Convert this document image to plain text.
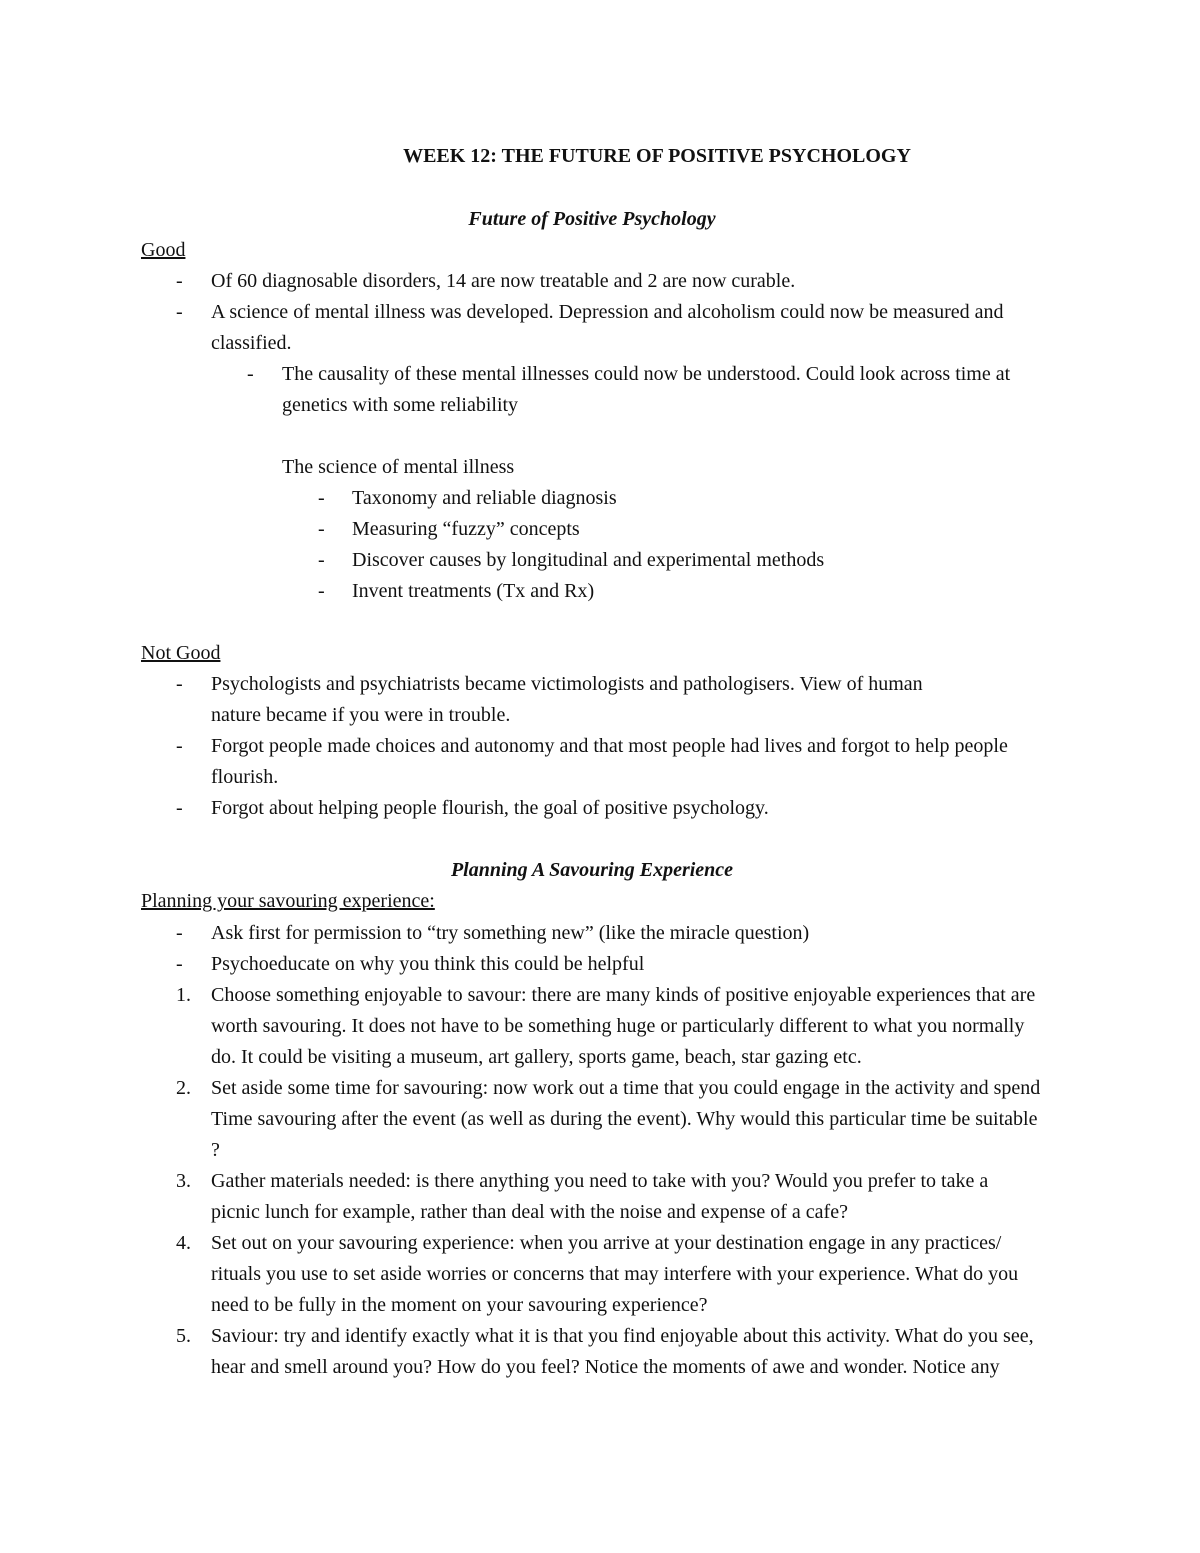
WEEK 12: THE FUTURE OF POSITIVE PSYCHOLOGY
Future of Positive Psychology
Good
- Of 60 diagnosable disorders, 14 are now treatable and 2 are now curable.
- A science of mental illness was developed. Depression and alcoholism could now be measured and
classified.
- The causality of these mental illnesses could now be understood. Could look across time at
genetics with some reliability
The science of mental illness
- Taxonomy and reliable diagnosis
- Measuring “fuzzy” concepts
- Discover causes by longitudinal and experimental methods
- Invent treatments (Tx and Rx)
Not Good
- Psychologists and psychiatrists became victimologists and pathologisers. View of human
nature became if you were in trouble.
- Forgot people made choices and autonomy and that most people had lives and forgot to help people
flourish.
- Forgot about helping people flourish, the goal of positive psychology.
Planning A Savouring Experience
Planning your savouring experience:
- Ask first for permission to “try something new” (like the miracle question)
- Psychoeducate on why you think this could be helpful
1. Choose something enjoyable to savour: there are many kinds of positive enjoyable experiences that are
worth savouring. It does not have to be something huge or particularly different to what you normally
do. It could be visiting a museum, art gallery, sports game, beach, star gazing etc.
2. Set aside some time for savouring: now work out a time that you could engage in the activity and spend
Time savouring after the event (as well as during the event). Why would this particular time be suitable
?
3. Gather materials needed: is there anything you need to take with you? Would you prefer to take a
picnic lunch for example, rather than deal with the noise and expense of a cafe?
4. Set out on your savouring experience: when you arrive at your destination engage in any practices/
rituals you use to set aside worries or concerns that may interfere with your experience. What do you
need to be fully in the moment on your savouring experience?
5. Saviour: try and identify exactly what it is that you find enjoyable about this activity. What do you see,
hear and smell around you? How do you feel? Notice the moments of awe and wonder. Notice any
